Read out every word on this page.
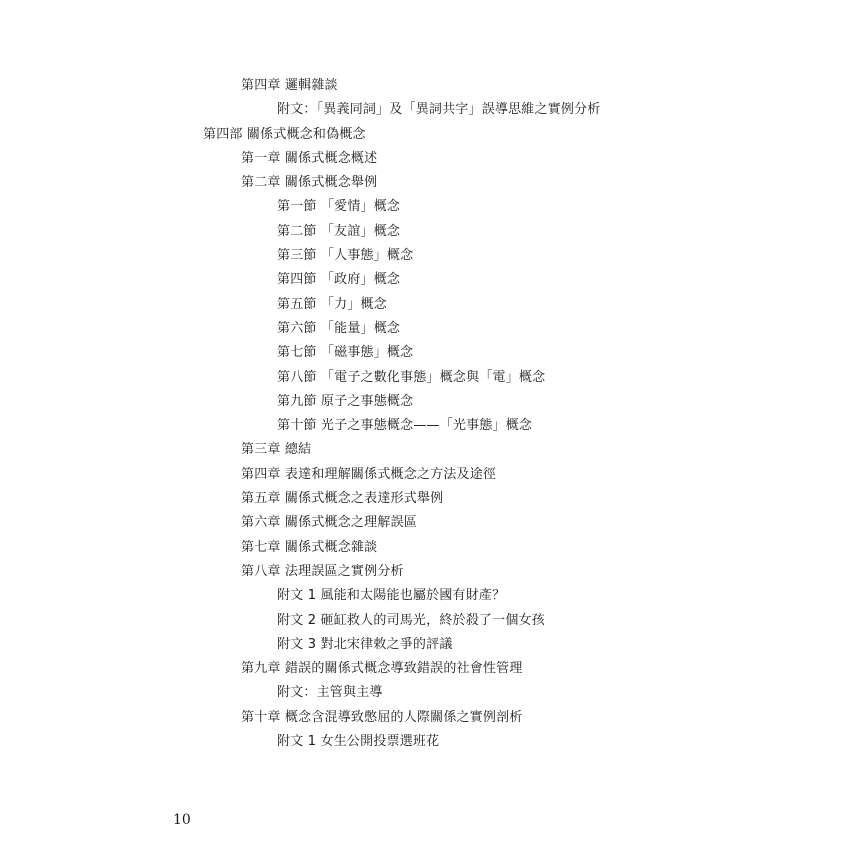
第四章 邏輯雜談
附文：「異義同詞」及「異詞共字」誤導思維之實例分析
第四部 關係式概念和偽概念
第一章 關係式概念概述
第二章 關係式概念舉例
第一節 「愛情」概念
第二節 「友誼」概念
第三節 「人事態」概念
第四節 「政府」概念
第五節 「力」概念
第六節 「能量」概念
第七節 「磁事態」概念
第八節 「電子之數化事態」概念與「電」概念
第九節 原子之事態概念
第十節 光子之事態概念——「光事態」概念
第三章 總結
第四章 表達和理解關係式概念之方法及途徑
第五章 關係式概念之表達形式舉例
第六章 關係式概念之理解誤區
第七章 關係式概念雜談
第八章 法理誤區之實例分析
附文 1 風能和太陽能也屬於國有財產？
附文 2 砸缸救人的司馬光，終於殺了一個女孩
附文 3 對北宋律敕之爭的評議
第九章 錯誤的關係式概念導致錯誤的社會性管理
附文：主管與主導
第十章 概念含混導致憋屈的人際關係之實例剖析
附文 1 女生公開投票選班花
10
